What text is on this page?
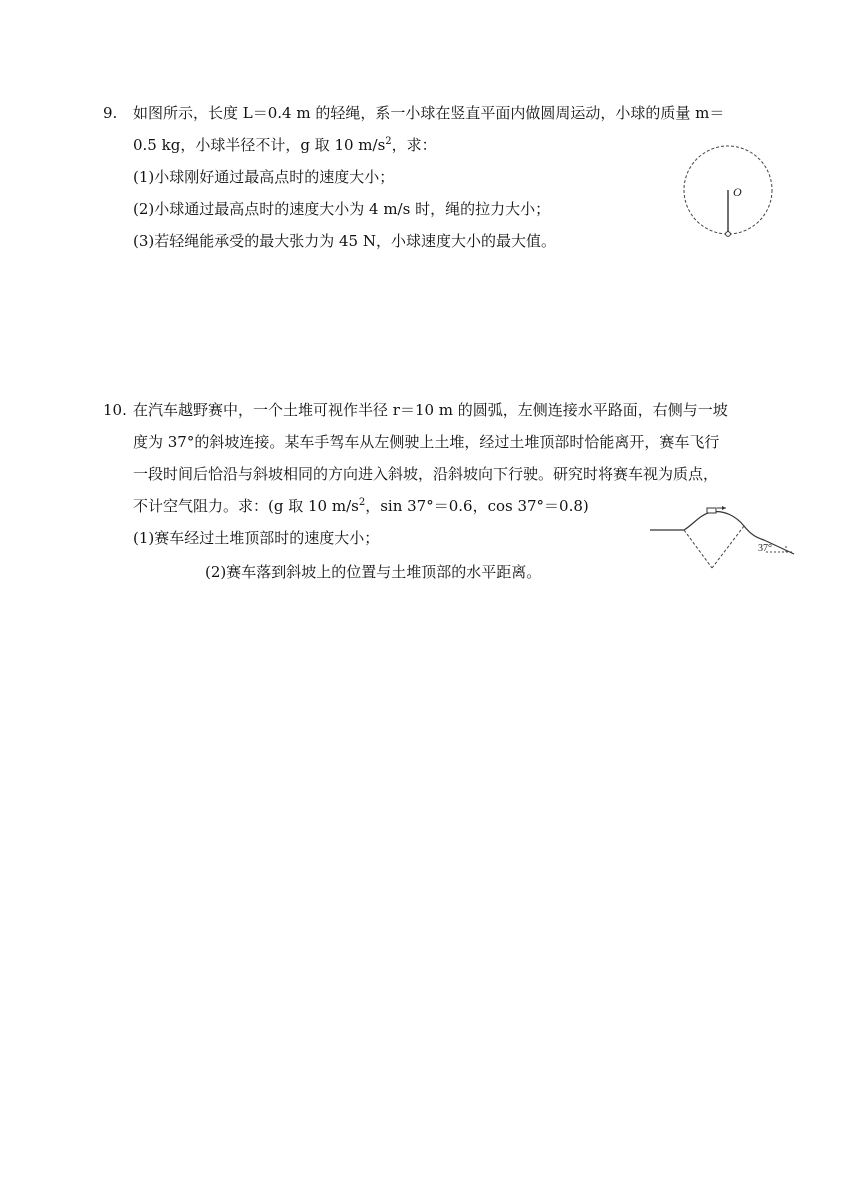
9. 如图所示，长度 L＝0.4 m 的轻绳，系一小球在竖直平面内做圆周运动，小球的质量 m＝
0.5 kg，小球半径不计，g 取 10 $m/s^2$，求：
(1)小球刚好通过最高点时的速度大小；
(2)小球通过最高点时的速度大小为 4 m/s 时，绳的拉力大小；
(3)若轻绳能承受的最大张力为 45 N，小球速度大小的最大值。
O
10. 在汽车越野赛中，一个土堆可视作半径 r＝10 m 的圆弧，左侧连接水平路面，右侧与一坡
度为 37°的斜坡连接。某车手驾车从左侧驶上土堆，经过土堆顶部时恰能离开，赛车飞行
一段时间后恰沿与斜坡相同的方向进入斜坡，沿斜坡向下行驶。研究时将赛车视为质点，
不计空气阻力。求：(g 取 10 $m/s^2$，sin 37°＝0.6，cos 37°＝0.8)
(1)赛车经过土堆顶部时的速度大小；
(2)赛车落到斜坡上的位置与土堆顶部的水平距离。
37°
